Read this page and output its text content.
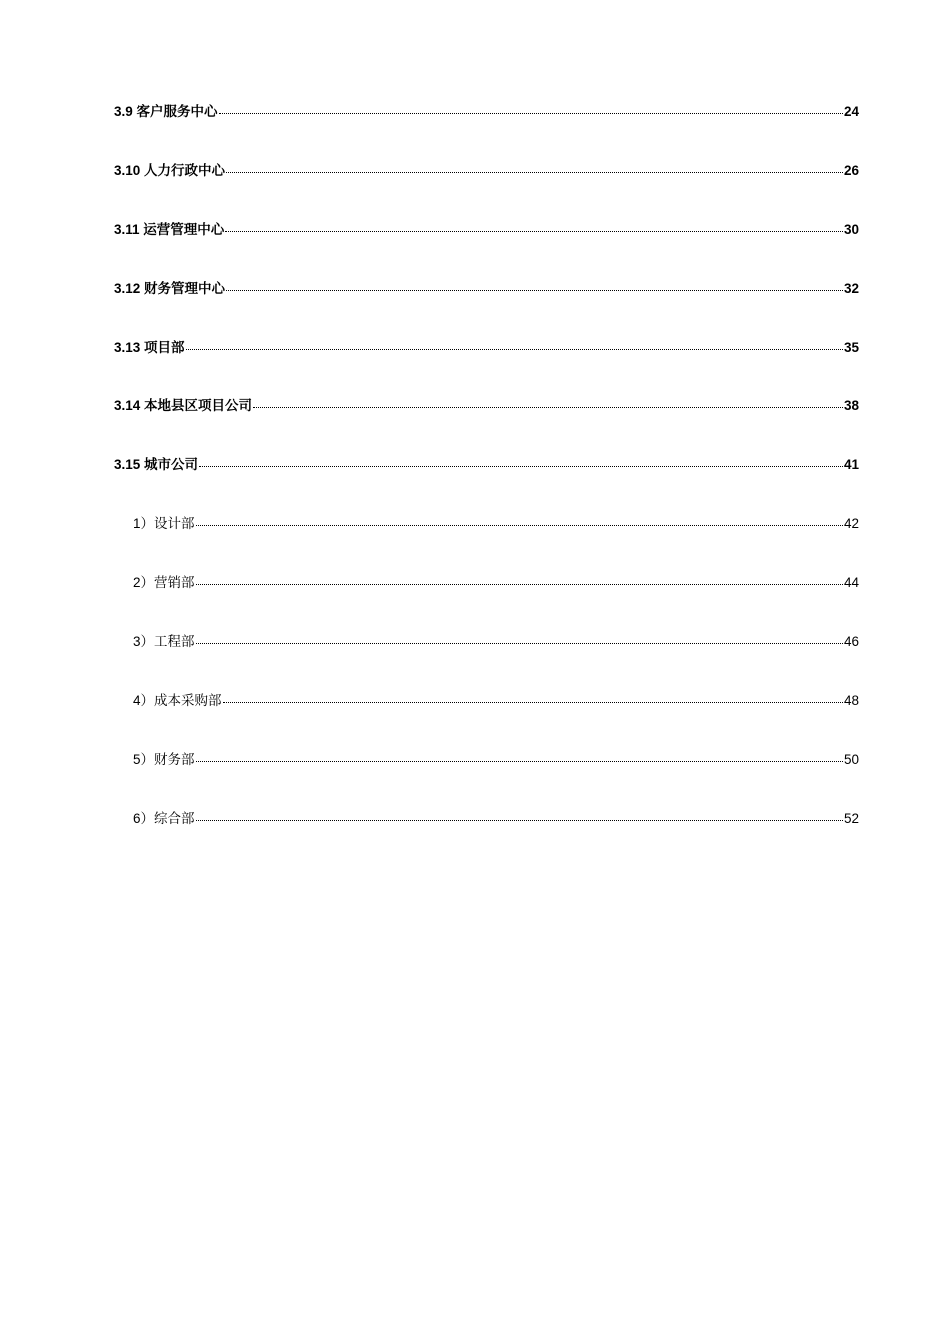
3.9 客户服务中心	24
3.10 人力行政中心	26
3.11 运营管理中心	30
3.12 财务管理中心	32
3.13 项目部	35
3.14 本地县区项目公司	38
3.15 城市公司	41
1）设计部	42
2）营销部	44
3）工程部	46
4）成本采购部	48
5）财务部	50
6）综合部	52
